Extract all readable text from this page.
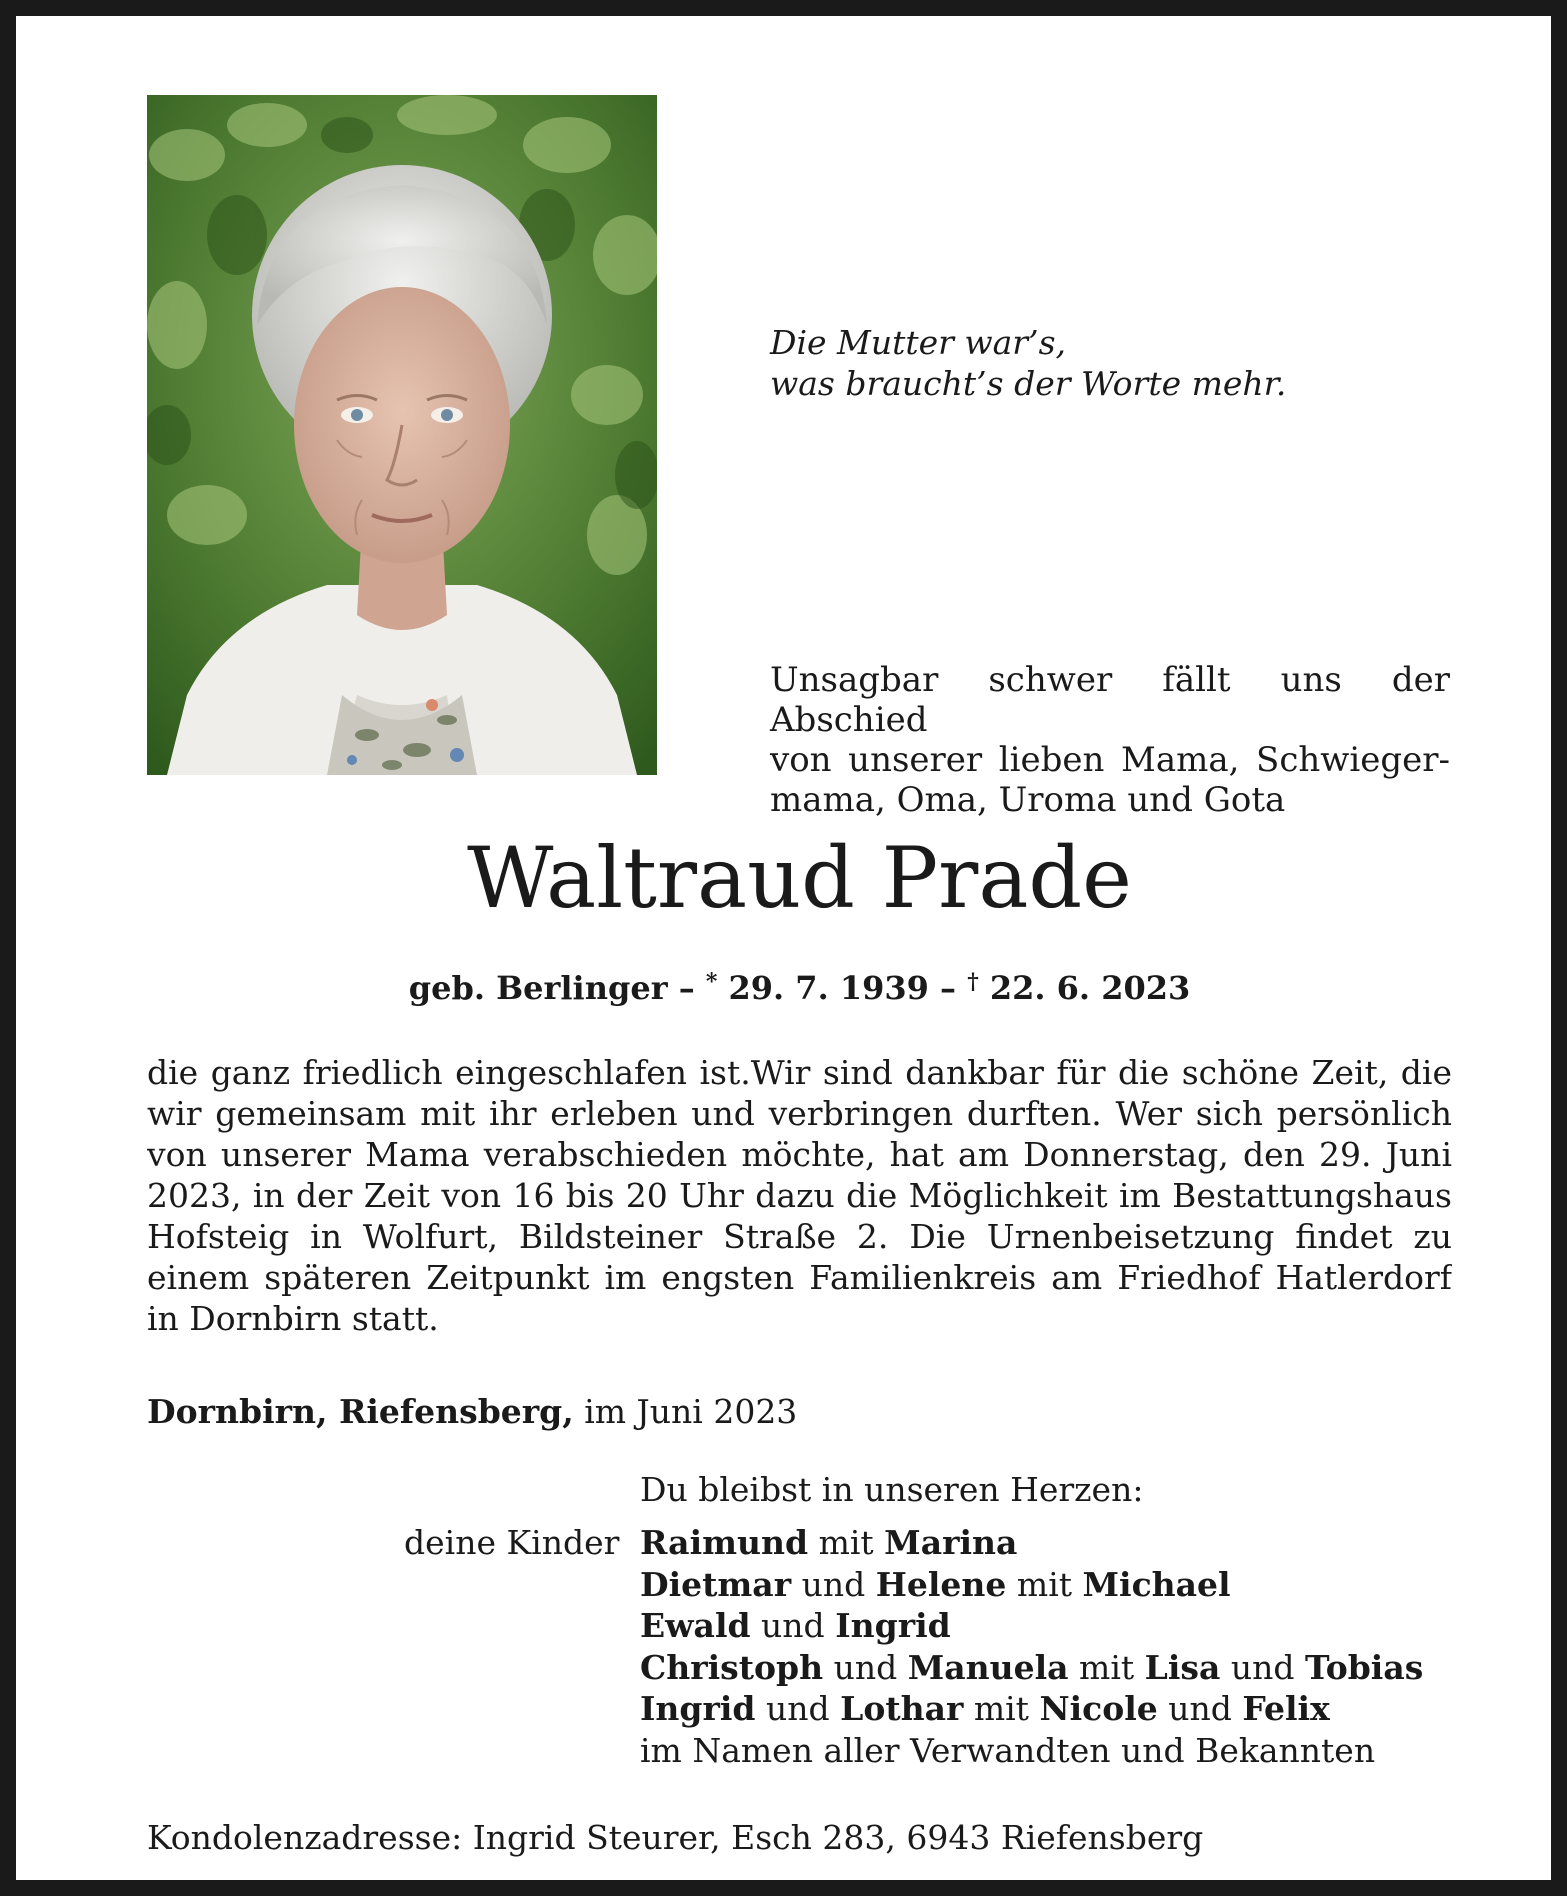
Die Mutter war’s,
was braucht’s der Worte mehr.
Unsagbar schwer fällt uns der Abschied
von unserer lieben Mama, Schwieger-
mama, Oma, Uroma und Gota
Waltraud Prade
geb. Berlinger – * 29. 7. 1939 – † 22. 6. 2023
die ganz friedlich eingeschlafen ist.Wir sind dankbar für die schöne Zeit, die
wir gemeinsam mit ihr erleben und verbringen durften. Wer sich persönlich
von unserer Mama verabschieden möchte, hat am Donnerstag, den 29. Juni
2023, in der Zeit von 16 bis 20 Uhr dazu die Möglichkeit im Bestattungshaus
Hofsteig in Wolfurt, Bildsteiner Straße 2. Die Urnenbeisetzung findet zu
einem späteren Zeitpunkt im engsten Familienkreis am Friedhof Hatlerdorf
in Dornbirn statt.
Dornbirn, Riefensberg, im Juni 2023
Du bleibst in unseren Herzen:
deine Kinder Raimund mit Marina
Dietmar und Helene mit Michael
Ewald und Ingrid
Christoph und Manuela mit Lisa und Tobias
Ingrid und Lothar mit Nicole und Felix
im Namen aller Verwandten und Bekannten
Kondolenzadresse: Ingrid Steurer, Esch 283, 6943 Riefensberg
